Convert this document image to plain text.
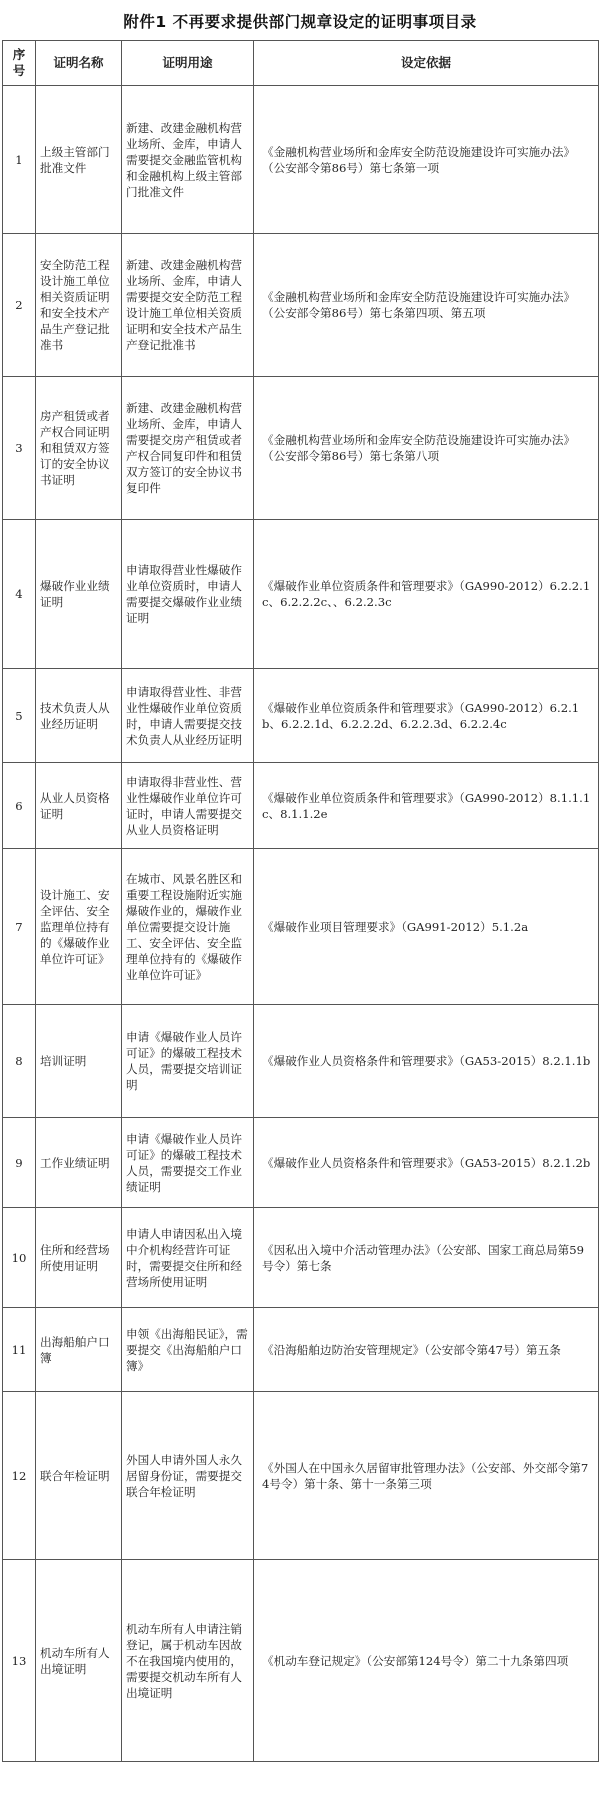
附件1 不再要求提供部门规章设定的证明事项目录
序号	证明名称	证明用途	设定依据
1	上级主管部门批准文件	新建、改建金融机构营业场所、金库，申请人需要提交金融监管机构和金融机构上级主管部门批准文件	《金融机构营业场所和金库安全防范设施建设许可实施办法》（公安部令第86号）第七条第一项
2	安全防范工程设计施工单位相关资质证明和安全技术产品生产登记批准书	新建、改建金融机构营业场所、金库，申请人需要提交安全防范工程设计施工单位相关资质证明和安全技术产品生产登记批准书	《金融机构营业场所和金库安全防范设施建设许可实施办法》（公安部令第86号）第七条第四项、第五项
3	房产租赁或者产权合同证明和租赁双方签订的安全协议书证明	新建、改建金融机构营业场所、金库，申请人需要提交房产租赁或者产权合同复印件和租赁双方签订的安全协议书复印件	《金融机构营业场所和金库安全防范设施建设许可实施办法》（公安部令第86号）第七条第八项
4	爆破作业业绩证明	申请取得营业性爆破作业单位资质时，申请人需要提交爆破作业业绩证明	《爆破作业单位资质条件和管理要求》（GA990-2012）6.2.2.1c、6.2.2.2c、、6.2.2.3c
5	技术负责人从业经历证明	申请取得营业性、非营业性爆破作业单位资质时，申请人需要提交技术负责人从业经历证明	《爆破作业单位资质条件和管理要求》（GA990-2012）6.2.1b、6.2.2.1d、6.2.2.2d、6.2.2.3d、6.2.2.4c
6	从业人员资格证明	申请取得非营业性、营业性爆破作业单位许可证时，申请人需要提交从业人员资格证明	《爆破作业单位资质条件和管理要求》（GA990-2012）8.1.1.1c、8.1.1.2e
7	设计施工、安全评估、安全监理单位持有的《爆破作业单位许可证》	在城市、风景名胜区和重要工程设施附近实施爆破作业的，爆破作业单位需要提交设计施工、安全评估、安全监理单位持有的《爆破作业单位许可证》	《爆破作业项目管理要求》（GA991-2012）5.1.2a
8	培训证明	申请《爆破作业人员许可证》的爆破工程技术人员，需要提交培训证明	《爆破作业人员资格条件和管理要求》（GA53-2015）8.2.1.1b
9	工作业绩证明	申请《爆破作业人员许可证》的爆破工程技术人员，需要提交工作业绩证明	《爆破作业人员资格条件和管理要求》（GA53-2015）8.2.1.2b
10	住所和经营场所使用证明	申请人申请因私出入境中介机构经营许可证时，需要提交住所和经营场所使用证明	《因私出入境中介活动管理办法》（公安部、国家工商总局第59号令）第七条
11	出海船舶户口簿	申领《出海船民证》，需要提交《出海船舶户口簿》	《沿海船舶边防治安管理规定》（公安部令第47号）第五条
12	联合年检证明	外国人申请外国人永久居留身份证，需要提交联合年检证明	《外国人在中国永久居留审批管理办法》（公安部、外交部令第74号令）第十条、第十一条第三项
13	机动车所有人出境证明	机动车所有人申请注销登记，属于机动车因故不在我国境内使用的，需要提交机动车所有人出境证明	《机动车登记规定》（公安部第124号令）第二十九条第四项
